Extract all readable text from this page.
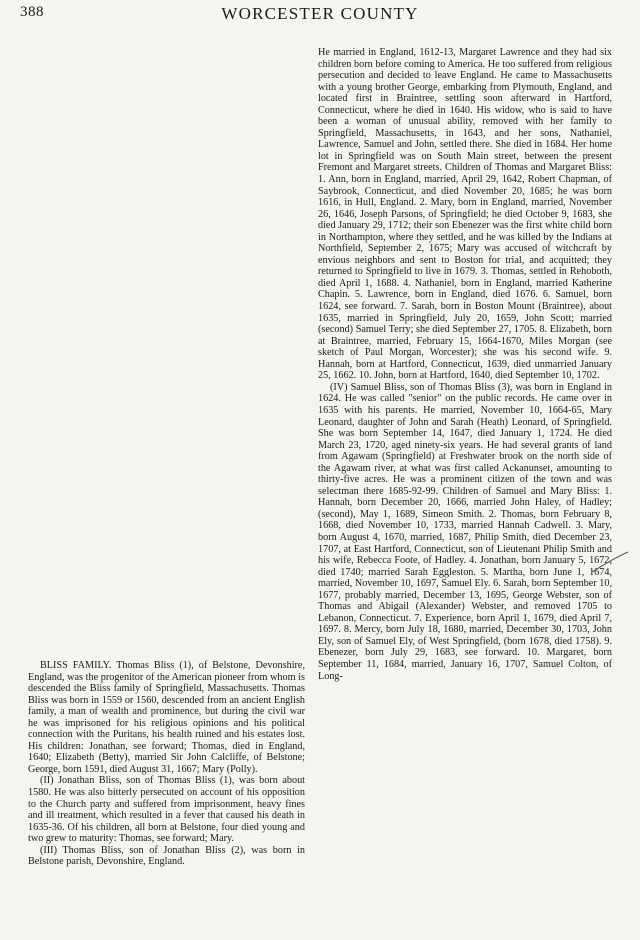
388	WORCESTER COUNTY

BLISS FAMILY. Thomas Bliss (1), of Belstone, Devonshire, England, was the progenitor of the American pioneer from whom is descended the Bliss family of Springfield, Massachusetts. Thomas Bliss was born in 1559 or 1560, descended from an ancient English family, a man of wealth and prominence, but during the civil war he was imprisoned for his religious opinions and his political connection with the Puritans, his health ruined and his estates lost. His children: Jonathan, see forward; Thomas, died in England, 1640; Elizabeth (Betty), married Sir John Calcliffe, of Belstone; George, born 1591, died August 31, 1667; Mary (Polly).

(II) Jonathan Bliss, son of Thomas Bliss (1), was born about 1580. He was also bitterly persecuted on account of his opposition to the Church party and suffered from imprisonment, heavy fines and ill treatment, which resulted in a fever that caused his death in 1635-36. Of his children, all born at Belstone, four died young and two grew to maturity: Thomas, see forward; Mary.

(III) Thomas Bliss, son of Jonathan Bliss (2), was born in Belstone parish, Devonshire, England.

He married in England, 1612-13, Margaret Lawrence and they had six children born before coming to America. He too suffered from religious persecution and decided to leave England. He came to Massachusetts with a young brother George, embarking from Plymouth, England, and located first in Braintree, settling soon afterward in Hartford, Connecticut, where he died in 1640. His widow, who is said to have been a woman of unusual ability, removed with her family to Springfield, Massachusetts, in 1643, and her sons, Nathaniel, Lawrence, Samuel and John, settled there. She died in 1684. Her home lot in Springfield was on South Main street, between the present Fremont and Margaret streets. Children of Thomas and Margaret Bliss: 1. Ann, born in England, married, April 29, 1642, Robert Chapman, of Saybrook, Connecticut, and died November 20, 1685; he was born 1616, in Hull, England. 2. Mary, born in England, married, November 26, 1646, Joseph Parsons, of Springfield; he died October 9, 1683, she died January 29, 1712; their son Ebenezer was the first white child born in Northampton, where they settled, and he was killed by the Indians at Northfield, September 2, 1675; Mary was accused of witchcraft by envious neighbors and sent to Boston for trial, and acquitted; they returned to Springfield to live in 1679. 3. Thomas, settled in Rehoboth, died April 1, 1688. 4. Nathaniel, born in England, married Katherine Chapin. 5. Lawrence, born in England, died 1676. 6. Samuel, born 1624, see forward. 7. Sarah, born in Boston Mount (Braintree), about 1635, married in Springfield, July 20, 1659, John Scott; married (second) Samuel Terry; she died September 27, 1705. 8. Elizabeth, born at Braintree, married, February 15, 1664-1670, Miles Morgan (see sketch of Paul Morgan, Worcester); she was his second wife. 9. Hannah, born at Hartford, Connecticut, 1639, died unmarried January 25, 1662. 10. John, born at Hartford, 1640, died September 10, 1702.

(IV) Samuel Bliss, son of Thomas Bliss (3), was born in England in 1624. He was called "senior" on the public records. He came over in 1635 with his parents. He married, November 10, 1664-65, Mary Leonard, daughter of John and Sarah (Heath) Leonard, of Springfield. She was born September 14, 1647, died January 1, 1724. He died March 23, 1720, aged ninety-six years. He had several grants of land from Agawam (Springfield) at Freshwater brook on the north side of the Agawam river, at what was first called Ackanunset, amounting to thirty-five acres. He was a prominent citizen of the town and was selectman there 1685-92-99. Children of Samuel and Mary Bliss: 1. Hannah, born December 20, 1666, married John Haley, of Hadley; (second), May 1, 1689, Simeon Smith. 2. Thomas, born February 8, 1668, died November 10, 1733, married Hannah Cadwell. 3. Mary, born August 4, 1670, married, 1687, Philip Smith, died December 23, 1707, at East Hartford, Connecticut, son of Lieutenant Philip Smith and his wife, Rebecca Foote, of Hadley. 4. Jonathan, born January 5, 1672, died 1740; married Sarah Eggleston. 5. Martha, born June 1, 1674, married, November 10, 1697, Samuel Ely. 6. Sarah, born September 10, 1677, probably married, December 13, 1695, George Webster, son of Thomas and Abigail (Alexander) Webster, and removed 1705 to Lebanon, Connecticut. 7. Experience, born April 1, 1679, died April 7, 1697. 8. Mercy, born July 18, 1680, married, December 30, 1703, John Ely, son of Samuel Ely, of West Springfield, (born 1678, died 1758). 9. Ebenezer, born July 29, 1683, see forward. 10. Margaret, born September 11, 1684, married, January 16, 1707, Samuel Colton, of Long-
